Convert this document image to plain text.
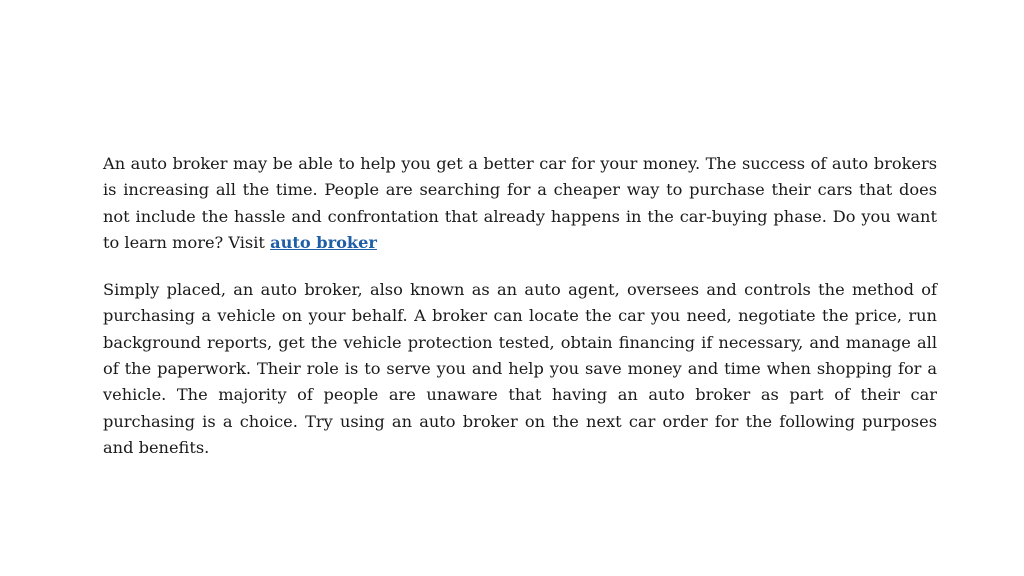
An auto broker may be able to help you get a better car for your money. The success of auto brokers is increasing all the time. People are searching for a cheaper way to purchase their cars that does not include the hassle and confrontation that already happens in the car-buying phase. Do you want to learn more? Visit auto broker

Simply placed, an auto broker, also known as an auto agent, oversees and controls the method of purchasing a vehicle on your behalf. A broker can locate the car you need, negotiate the price, run background reports, get the vehicle protection tested, obtain financing if necessary, and manage all of the paperwork. Their role is to serve you and help you save money and time when shopping for a vehicle. The majority of people are unaware that having an auto broker as part of their car purchasing is a choice. Try using an auto broker on the next car order for the following purposes and benefits.
